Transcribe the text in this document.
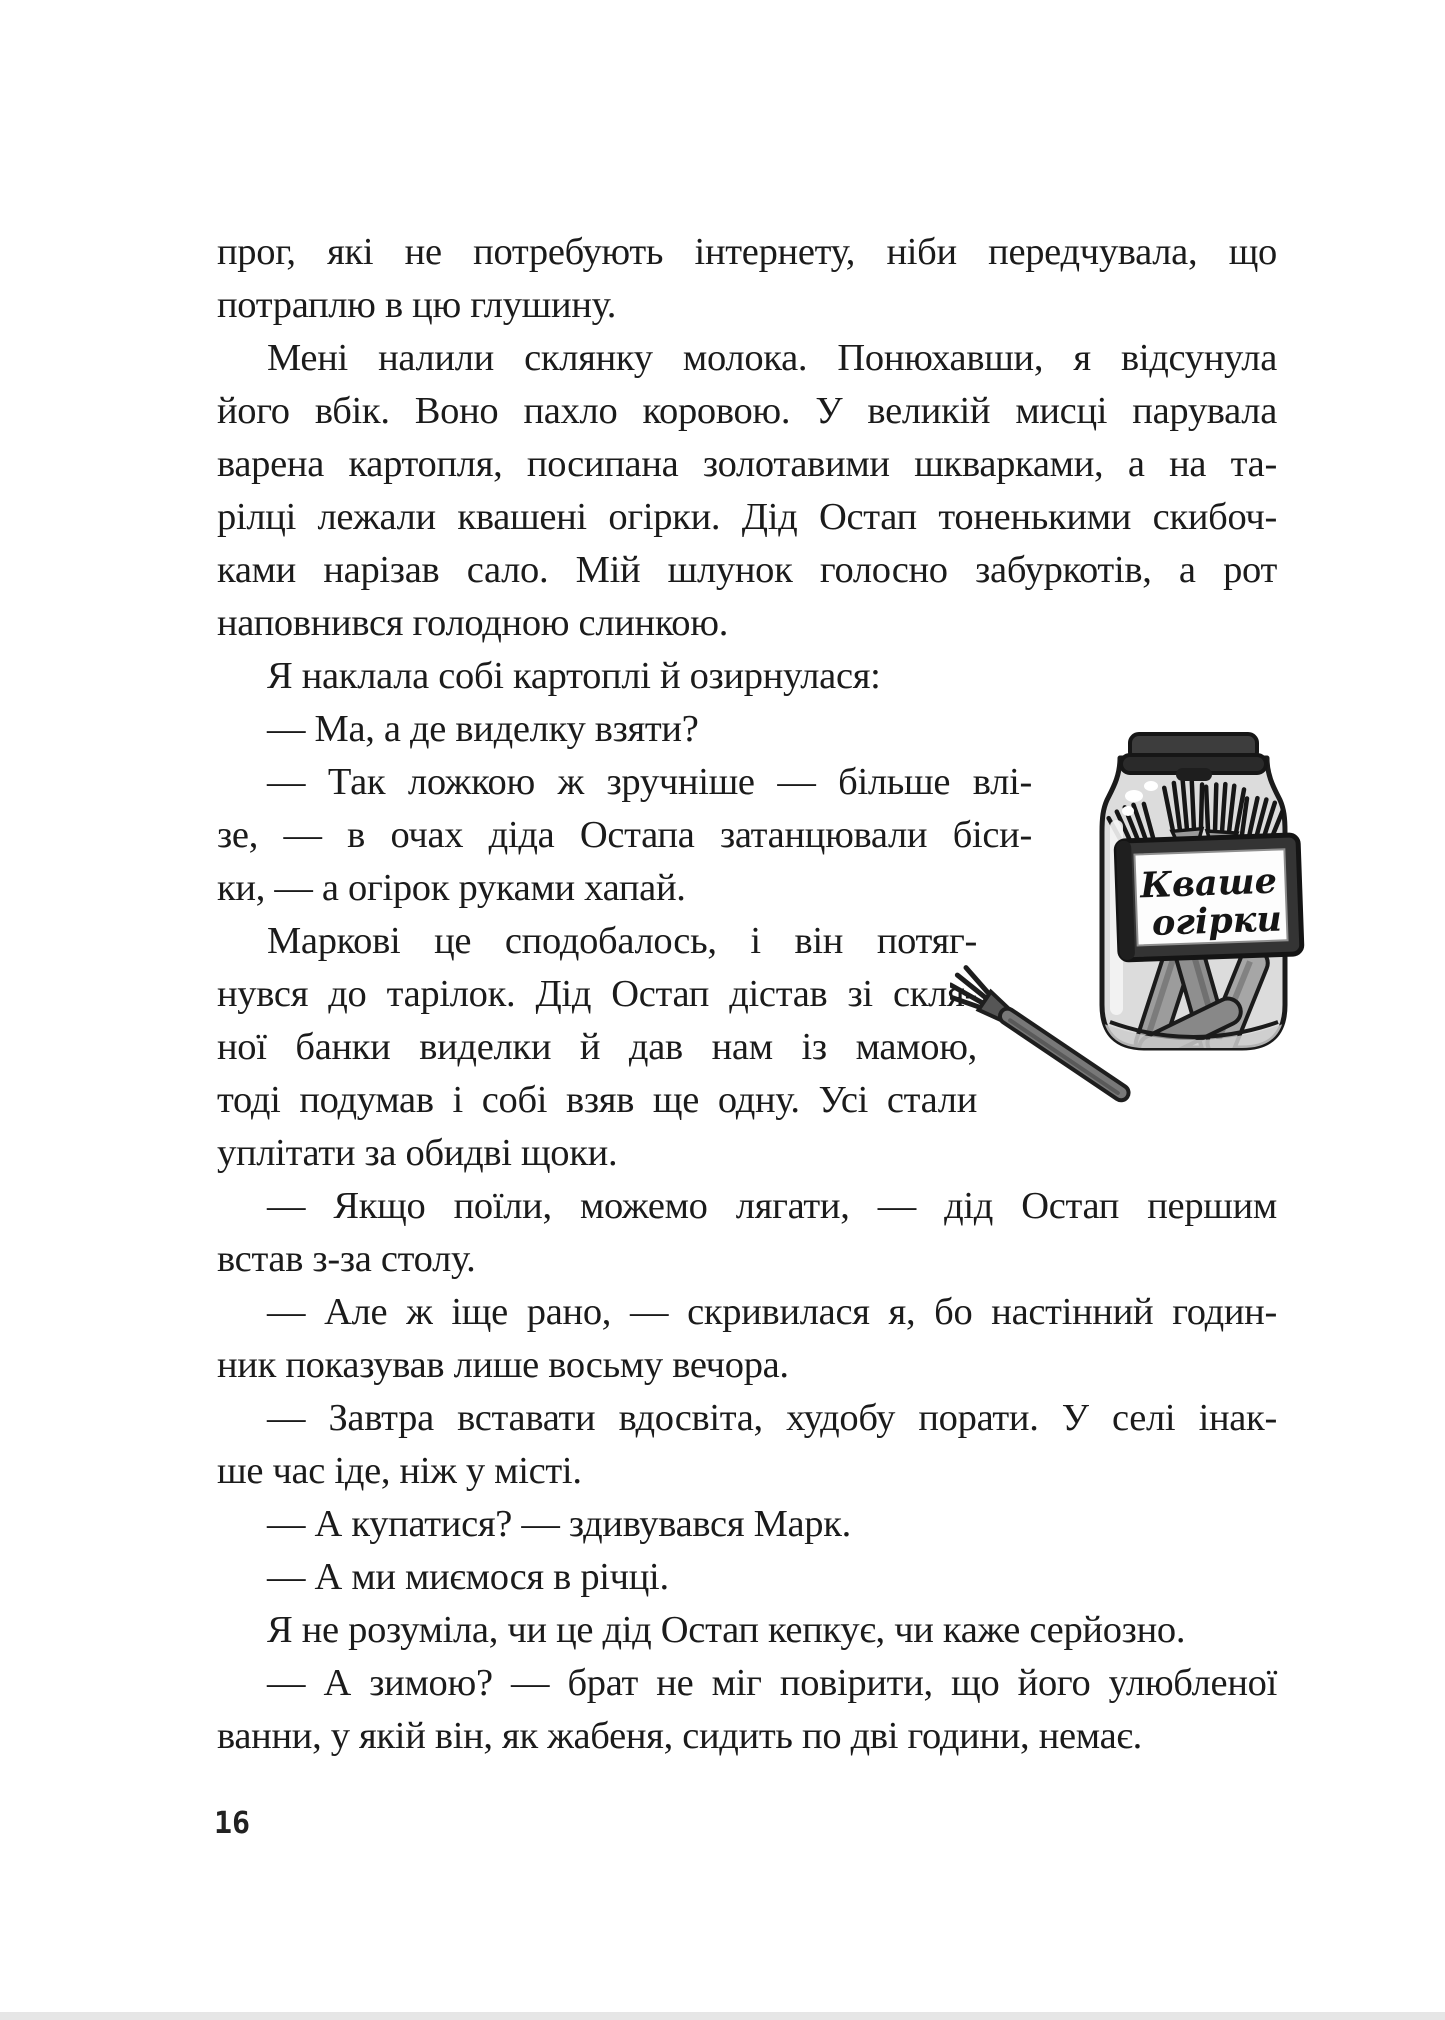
прог, які не потребують інтернету, ніби передчувала, що
потраплю в цю глушину.
Мені налили склянку молока. Понюхавши, я відсунула
його вбік. Воно пахло коровою. У великій мисці парувала
варена картопля, посипана золотавими шкварками, а на та-
рілці лежали квашені огірки. Дід Остап тоненькими скибоч-
ками нарізав сало. Мій шлунок голосно забуркотів, а рот
наповнився голодною слинкою.
Я наклала собі картоплі й озирнулася:
— Ма, а де виделку взяти?
— Так ложкою ж зручніше — більше влі-
зе, — в очах діда Остапа затанцювали біси-
ки, — а огірок руками хапай.
Маркові це сподобалось, і він потяг-
нувся до тарілок. Дід Остап дістав зі скля-
ної банки виделки й дав нам із мамою,
тоді подумав і собі взяв ще одну. Усі стали
уплітати за обидві щоки.
— Якщо поїли, можемо лягати, — дід Остап першим
встав з-за столу.
— Але ж іще рано, — скривилася я, бо настінний годин-
ник показував лише восьму вечора.
— Завтра вставати вдосвіта, худобу порати. У селі інак-
ше час іде, ніж у місті.
— А купатися? — здивувався Марк.
— А ми миємося в річці.
Я не розуміла, чи це дід Остап кепкує, чи каже серйозно.
— А зимою? — брат не міг повірити, що його улюбленої
ванни, у якій він, як жабеня, сидить по дві години, немає.
Кваше
огірки
16
